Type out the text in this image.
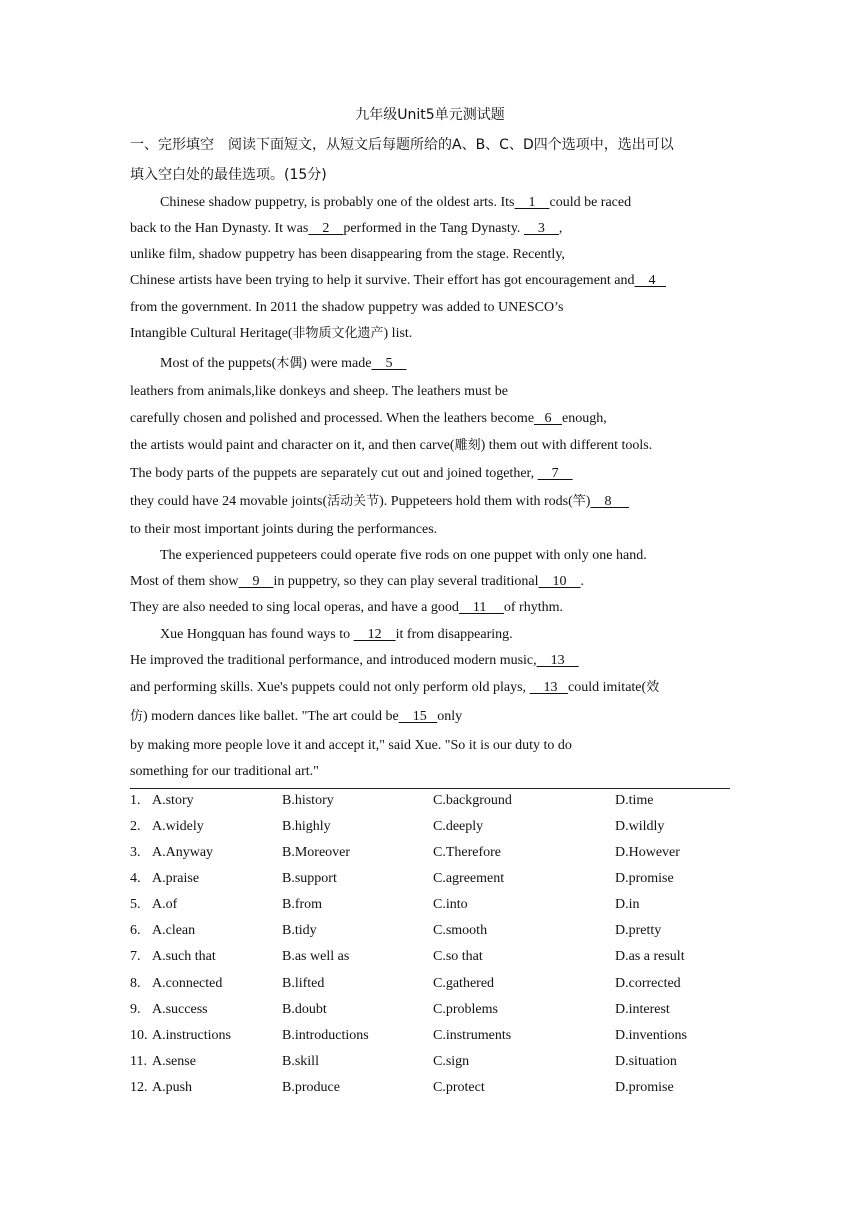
九年级Unit5单元测试题
一、完形填空　阅读下面短文，从短文后每题所给的A、B、C、D四个选项中，选出可以
填入空白处的最佳选项。(15分)
Chinese shadow puppetry, is probably one of the oldest arts. Its    1    could be raced
back to the Han Dynasty. It was    2    performed in the Tang Dynasty.     3    ,
unlike film, shadow puppetry has been disappearing from the stage. Recently,
Chinese artists have been trying to help it survive. Their effort has got encouragement and    4
from the government. In 2011 the shadow puppetry was added to UNESCO’s
Intangible Cultural Heritage(非物质文化遗产) list.
Most of the puppets(木偶) were made    5
leathers from animals,like donkeys and sheep. The leathers must be
carefully chosen and polished and processed. When the leathers become   6   enough,
the artists would paint and character on it, and then carve(雕刻) them out with different tools.
The body parts of the puppets are separately cut out and joined together,     7
they could have 24 movable joints(活动关节). Puppeteers hold them with rods(竿)    8
to their most important joints during the performances.
The experienced puppeteers could operate five rods on one puppet with only one hand.
Most of them show    9    in puppetry, so they can play several traditional    10    .
They are also needed to sing local operas, and have a good    11     of rhythm.
Xue Hongquan has found ways to     12    it from disappearing.
He improved the traditional performance, and introduced modern music,    13
and performing skills. Xue's puppets could not only perform old plays,     13   could imitate(效
仿) modern dances like ballet. "The art could be    15   only
by making more people love it and accept it," said Xue. "So it is our duty to do
something for our traditional art."
1. A.story	B.history	C.background	D.time
2. A.widely	B.highly	C.deeply	D.wildly
3. A.Anyway	B.Moreover	C.Therefore	D.However
4. A.praise	B.support	C.agreement	D.promise
5. A.of	B.from	C.into	D.in
6. A.clean	B.tidy	C.smooth	D.pretty
7. A.such that	B.as well as	C.so that	D.as a result
8. A.connected	B.lifted	C.gathered	D.corrected
9. A.success	B.doubt	C.problems	D.interest
10. A.instructions	B.introductions	C.instruments	D.inventions
11. A.sense	B.skill	C.sign	D.situation
12. A.push	B.produce	C.protect	D.promise
